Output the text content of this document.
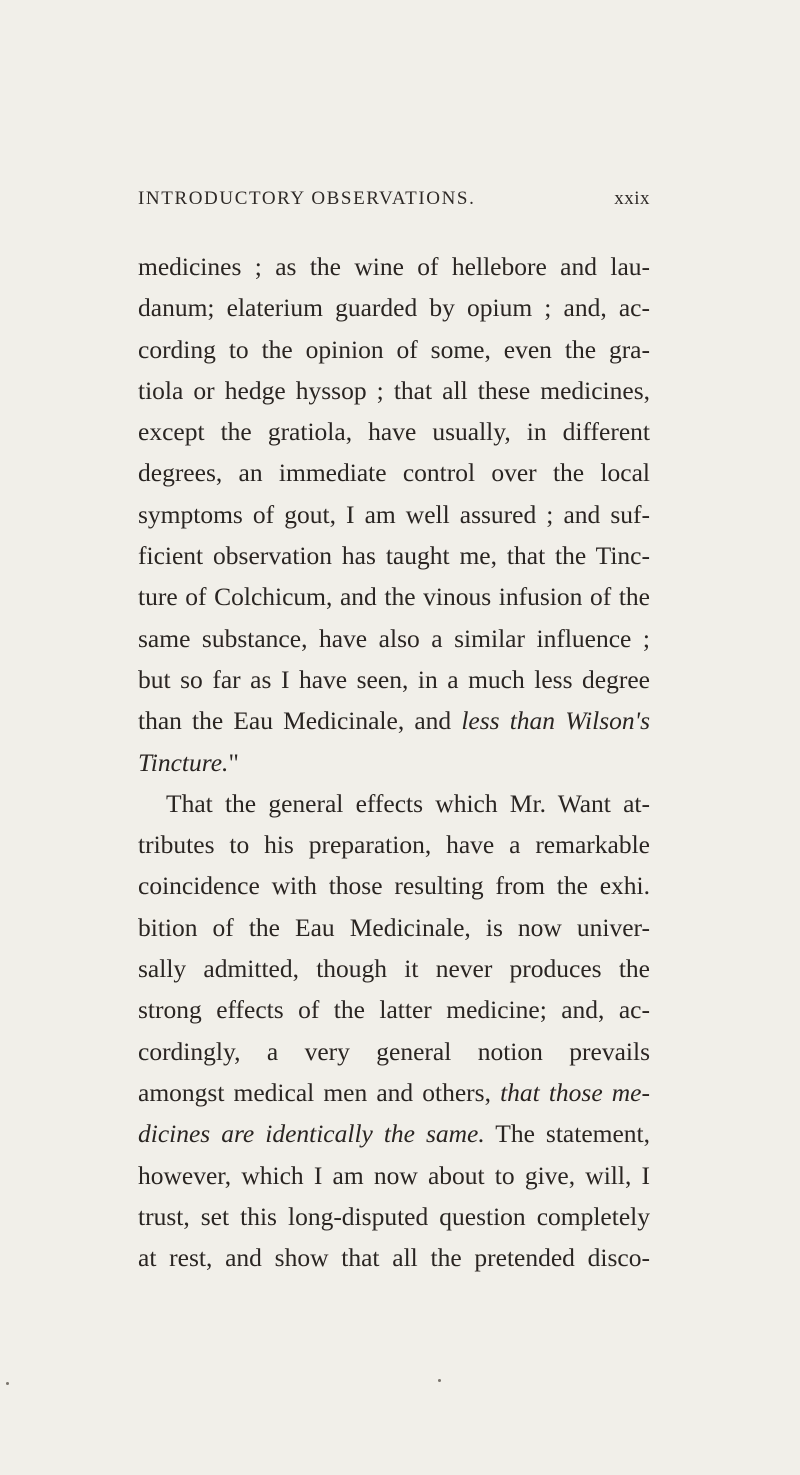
INTRODUCTORY OBSERVATIONS.	xxix
medicines ; as the wine of hellebore and lau-
danum; elaterium guarded by opium ; and, ac-
cording to the opinion of some, even the gra-
tiola or hedge hyssop ; that all these medicines,
except the gratiola, have usually, in different
degrees, an immediate control over the local
symptoms of gout, I am well assured ; and suf-
ficient observation has taught me, that the Tinc-
ture of Colchicum, and the vinous infusion of the
same substance, have also a similar influence ;
but so far as I have seen, in a much less degree
than the Eau Medicinale, and less than Wilson's
Tincture."
That the general effects which Mr. Want at-
tributes to his preparation, have a remarkable
coincidence with those resulting from the exhi.
bition of the Eau Medicinale, is now univer-
sally admitted, though it never produces the
strong effects of the latter medicine; and, ac-
cordingly, a very general notion prevails
amongst medical men and others, that those me-
dicines are identically the same. The statement,
however, which I am now about to give, will, I
trust, set this long-disputed question completely
at rest, and show that all the pretended disco-
